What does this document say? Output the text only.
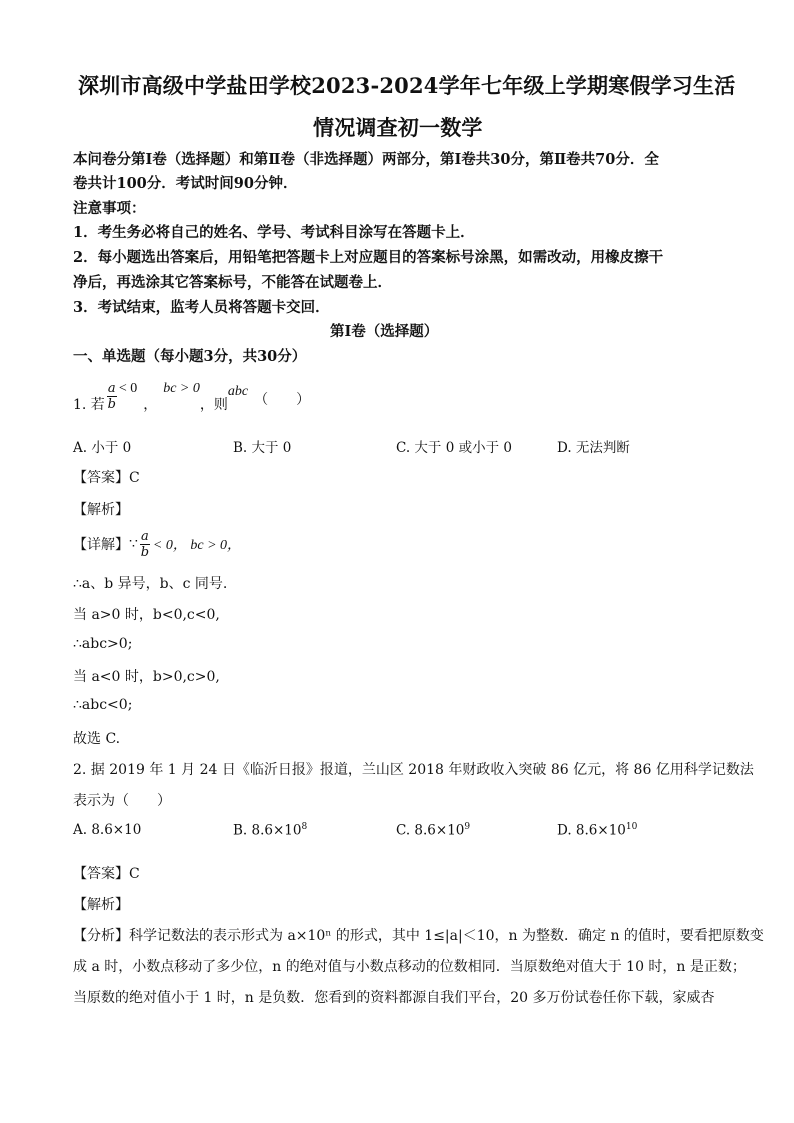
深圳市高级中学盐田学校2023-2024学年七年级上学期寒假学习生活
情况调查初一数学
本问卷分第Ⅰ卷（选择题）和第Ⅱ卷（非选择题）两部分，第Ⅰ卷共30分，第Ⅱ卷共70分．全
卷共计100分．考试时间90分钟．
注意事项：
1．考生务必将自己的姓名、学号、考试科目涂写在答题卡上．
2．每小题选出答案后，用铅笔把答题卡上对应题目的答案标号涂黑，如需改动，用橡皮擦干
净后，再选涂其它答案标号，不能答在试题卷上．
3．考试结束，监考人员将答题卡交回．
第Ⅰ卷（选择题）
一、单选题（每小题3分，共30分）
1. 若 $\frac{a}{b} < 0$
，
bc > 0
，则
abc
（　　）
A. 小于 0	B. 大于 0	C. 大于 0 或小于 0	D. 无法判断
【答案】C
【解析】
【详解】 ∵ $\frac{a}{b} < 0$， bc > 0，
∴a、b 异号，b、c 同号.
当 a>0 时，b<0,c<0,
∴abc>0;
当 a<0 时，b>0,c>0,
∴abc<0;
故选 C.
2. 据 2019 年 1 月 24 日《临沂日报》报道，兰山区 2018 年财政收入突破 86 亿元，将 86 亿用科学记数法
表示为（　　）
A. 8.6×10	B. $8.6\times 10^8$	C. $8.6\times 10^9$	D. $8.6\times 10^{10}$
【答案】C
【解析】
【分析】科学记数法的表示形式为 a×10ⁿ 的形式，其中 1≤|a|＜10，n 为整数．确定 n 的值时，要看把原数变
成 a 时，小数点移动了多少位，n 的绝对值与小数点移动的位数相同．当原数绝对值大于 10 时，n 是正数；
当原数的绝对值小于 1 时，n 是负数．您看到的资料都源自我们平台，20 多万份试卷任你下载，家威杏
